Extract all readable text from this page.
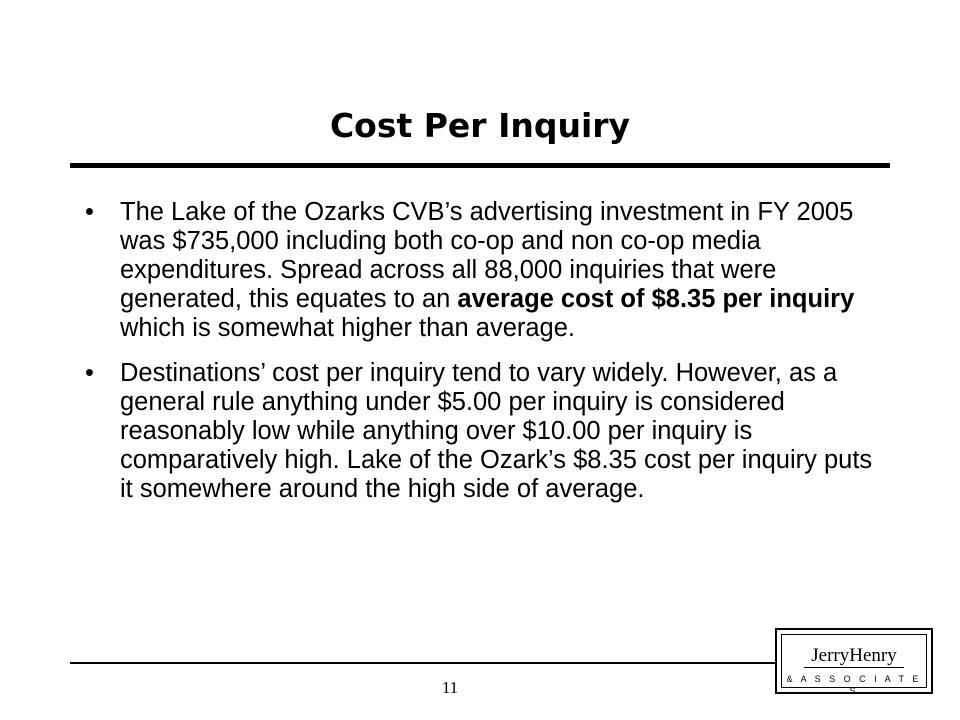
Cost Per Inquiry
• The Lake of the Ozarks CVB’s advertising investment in FY 2005 was $735,000 including both co-op and non co-op media expenditures. Spread across all 88,000 inquiries that were generated, this equates to an average cost of $8.35 per inquiry which is somewhat higher than average.
• Destinations’ cost per inquiry tend to vary widely. However, as a general rule anything under $5.00 per inquiry is considered reasonably low while anything over $10.00 per inquiry is comparatively high. Lake of the Ozark’s $8.35 cost per inquiry puts it somewhere around the high side of average.
11
JerryHenry
& A S S O C I A T E S
